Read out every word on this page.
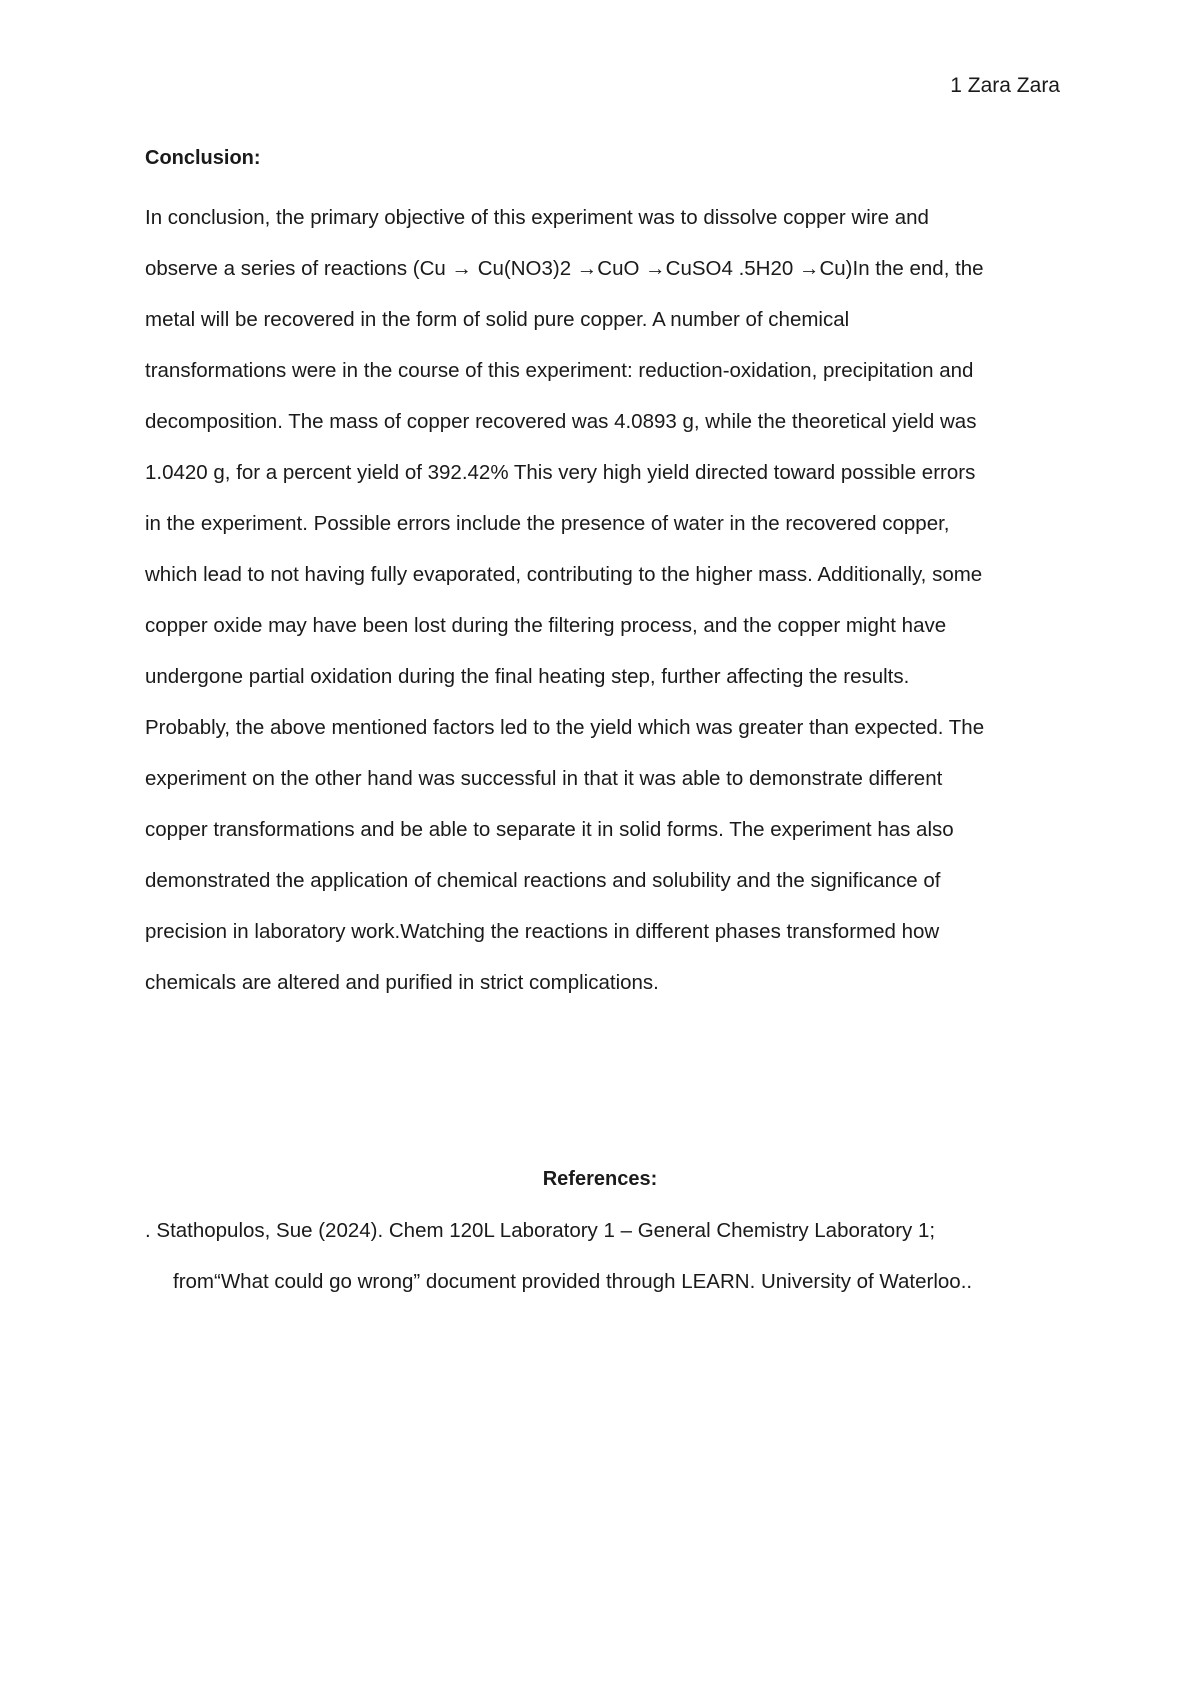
1 Zara Zara
Conclusion:
In conclusion, the primary objective of this experiment was to dissolve copper wire and
observe a series of reactions (Cu → Cu(NO3)2 →CuO →CuSO4 .5H20 →Cu)In the end, the
metal will be recovered in the form of solid pure copper. A number of chemical
transformations were in the course of this experiment: reduction-oxidation, precipitation and
decomposition. The mass of copper recovered was 4.0893 g, while the theoretical yield was
1.0420 g, for a percent yield of 392.42% This very high yield directed toward possible errors
in the experiment. Possible errors include the presence of water in the recovered copper,
which lead to not having fully evaporated, contributing to the higher mass. Additionally, some
copper oxide may have been lost during the filtering process, and the copper might have
undergone partial oxidation during the final heating step, further affecting the results.
Probably, the above mentioned factors led to the yield which was greater than expected. The
experiment on the other hand was successful in that it was able to demonstrate different
copper transformations and be able to separate it in solid forms. The experiment has also
demonstrated the application of chemical reactions and solubility and the significance of
precision in laboratory work.Watching the reactions in different phases transformed how
chemicals are altered and purified in strict complications.
References:
. Stathopulos, Sue (2024). Chem 120L Laboratory 1 – General Chemistry Laboratory 1;
from“What could go wrong” document provided through LEARN. University of Waterloo..
